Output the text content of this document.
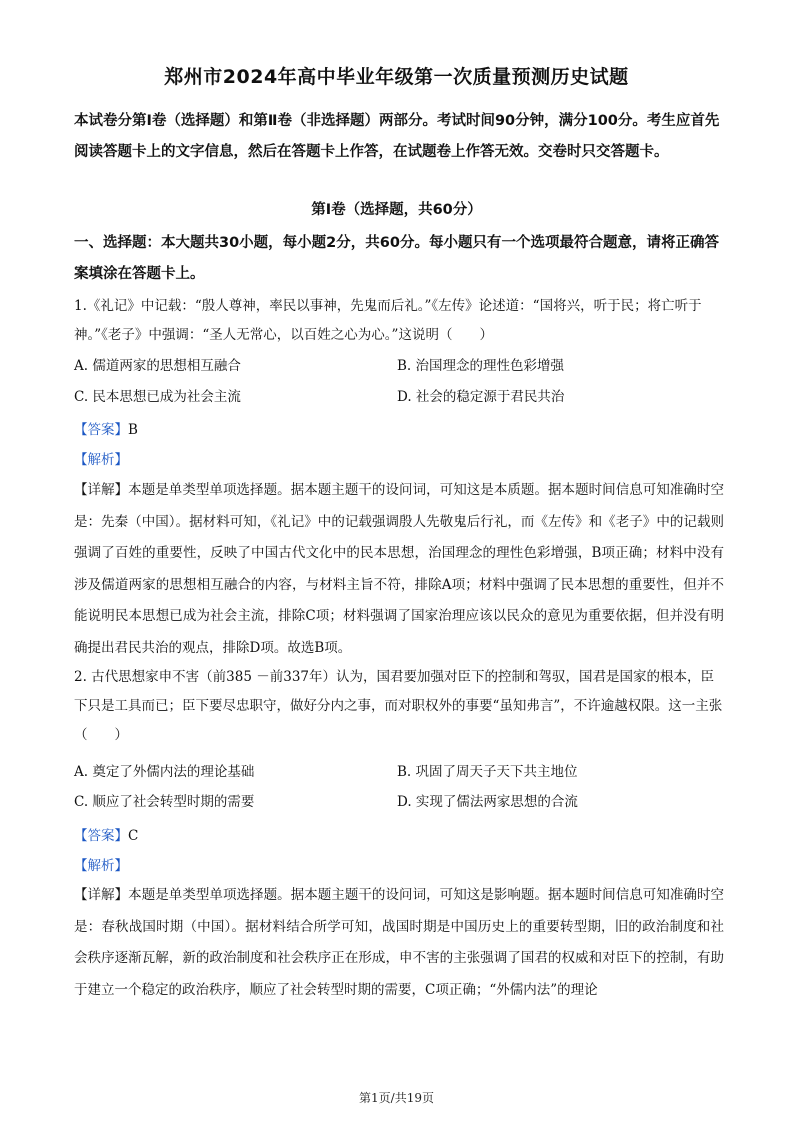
郑州市2024年高中毕业年级第一次质量预测历史试题
本试卷分第Ⅰ卷（选择题）和第Ⅱ卷（非选择题）两部分。考试时间90分钟，满分100分。考生应首先阅读答题卡上的文字信息，然后在答题卡上作答，在试题卷上作答无效。交卷时只交答题卡。
第Ⅰ卷（选择题，共60分）
一、选择题：本大题共30小题，每小题2分，共60分。每小题只有一个选项最符合题意，请将正确答案填涂在答题卡上。
1.《礼记》中记载：“殷人尊神，率民以事神，先鬼而后礼。”《左传》论述道：“国将兴，听于民；将亡听于神。”《老子》中强调：“圣人无常心，以百姓之心为心。”这说明（　　）
A. 儒道两家的思想相互融合	B. 治国理念的理性色彩增强
C. 民本思想已成为社会主流	D. 社会的稳定源于君民共治
【答案】B
【解析】
【详解】本题是单类型单项选择题。据本题主题干的设问词，可知这是本质题。据本题时间信息可知准确时空是：先秦（中国）。据材料可知，《礼记》中的记载强调殷人先敬鬼后行礼，而《左传》和《老子》中的记载则强调了百姓的重要性，反映了中国古代文化中的民本思想，治国理念的理性色彩增强，B项正确；材料中没有涉及儒道两家的思想相互融合的内容，与材料主旨不符，排除A项；材料中强调了民本思想的重要性，但并不能说明民本思想已成为社会主流，排除C项；材料强调了国家治理应该以民众的意见为重要依据，但并没有明确提出君民共治的观点，排除D项。故选B项。
2. 古代思想家申不害（前385 －前337年）认为，国君要加强对臣下的控制和驾驭，国君是国家的根本，臣下只是工具而已；臣下要尽忠职守，做好分内之事，而对职权外的事要“虽知弗言”，不许逾越权限。这一主张（　　）
A. 奠定了外儒内法的理论基础	B. 巩固了周天子天下共主地位
C. 顺应了社会转型时期的需要	D. 实现了儒法两家思想的合流
【答案】C
【解析】
【详解】本题是单类型单项选择题。据本题主题干的设问词，可知这是影响题。据本题时间信息可知准确时空是：春秋战国时期（中国）。据材料结合所学可知，战国时期是中国历史上的重要转型期，旧的政治制度和社会秩序逐渐瓦解，新的政治制度和社会秩序正在形成，申不害的主张强调了国君的权威和对臣下的控制，有助于建立一个稳定的政治秩序，顺应了社会转型时期的需要，C项正确；“外儒内法”的理论
第1页/共19页
